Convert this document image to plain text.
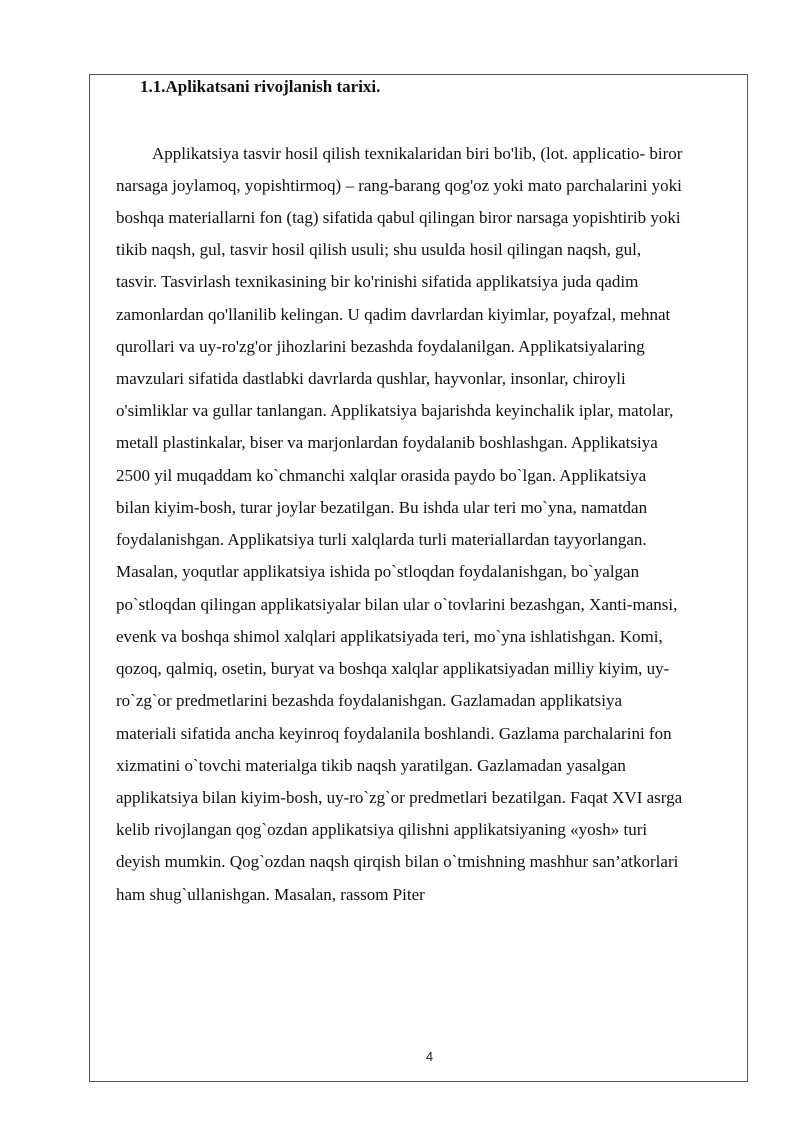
1.1.Aplikatsani rivojlanish tarixi.
Applikatsiya tasvir hosil qilish texnikalaridan biri bo'lib, (lot. applicatio- biror
narsaga joylamoq, yopishtirmoq) – rang-barang qog'oz yoki mato parchalarini yoki
boshqa materiallarni fon (tag) sifatida qabul qilingan biror narsaga yopishtirib yoki
tikib naqsh, gul, tasvir hosil qilish usuli; shu usulda hosil qilingan naqsh, gul,
tasvir. Tasvirlash texnikasining bir ko'rinishi sifatida applikatsiya juda qadim
zamonlardan qo'llanilib kelingan. U qadim davrlardan kiyimlar, poyafzal, mehnat
qurollari va uy-ro'zg'or jihozlarini bezashda foydalanilgan. Applikatsiyalaring
mavzulari sifatida dastlabki davrlarda qushlar, hayvonlar, insonlar, chiroyli
o'simliklar va gullar tanlangan. Applikatsiya bajarishda keyinchalik iplar, matolar,
metall plastinkalar, biser va marjonlardan foydalanib boshlashgan. Applikatsiya
2500 yil muqaddam ko`chmanchi xalqlar orasida paydo bo`lgan. Applikatsiya
bilan kiyim-bosh, turar joylar bezatilgan. Bu ishda ular teri mo`yna, namatdan
foydalanishgan. Applikatsiya turli xalqlarda turli materiallardan tayyorlangan.
Masalan, yoqutlar applikatsiya ishida po`stloqdan foydalanishgan, bo`yalgan
po`stloqdan qilingan applikatsiyalar bilan ular o`tovlarini bezashgan, Xanti-mansi,
evenk va boshqa shimol xalqlari applikatsiyada teri, mo`yna ishlatishgan. Komi,
qozoq, qalmiq, osetin, buryat va boshqa xalqlar applikatsiyadan milliy kiyim, uy-
ro`zg`or predmetlarini bezashda foydalanishgan. Gazlamadan applikatsiya
materiali sifatida ancha keyinroq foydalanila boshlandi. Gazlama parchalarini fon
xizmatini o`tovchi materialga tikib naqsh yaratilgan. Gazlamadan yasalgan
applikatsiya bilan kiyim-bosh, uy-ro`zg`or predmetlari bezatilgan. Faqat XVI asrga
kelib rivojlangan qog`ozdan applikatsiya qilishni applikatsiyaning «yosh» turi
deyish mumkin. Qog`ozdan naqsh qirqish bilan o`tmishning mashhur san’atkorlari
ham shug`ullanishgan. Masalan, rassom Piter
4
